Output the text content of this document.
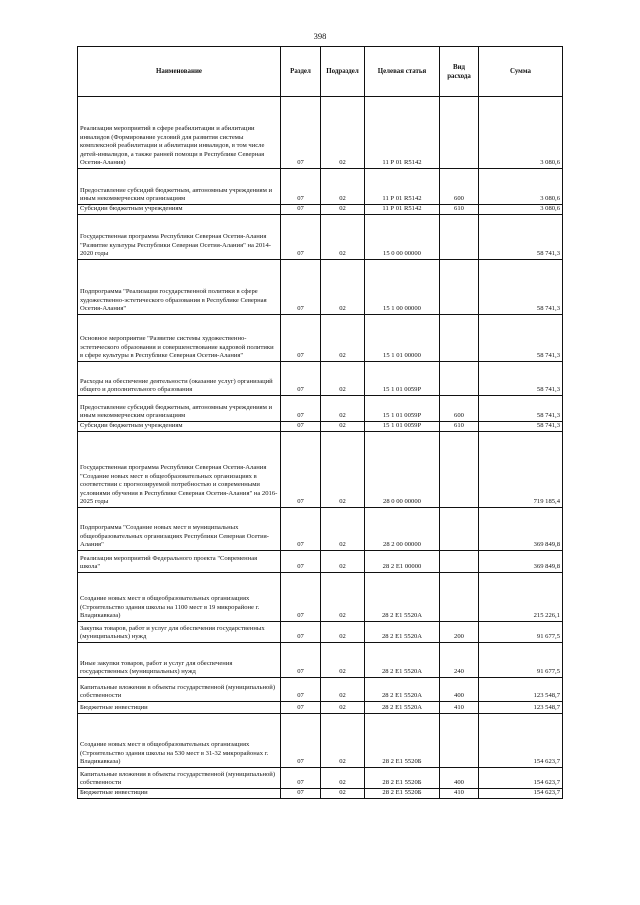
398
Наименование	Раздел	Подраздел	Целевая статья	Вид расхода	Сумма
Реализация мероприятий в сфере реабилитации и абилитации инвалидов (Формирование условий для развития системы комплексной реабилитации и абилитации инвалидов, в том числе детей-инвалидов, а также ранней помощи в Республике Северная Осетия-Алания)	07	02	11 Р 01 R5142		3 080,6
Предоставление субсидий бюджетным, автономным учреждениям и иным некоммерческим организациям	07	02	11 Р 01 R5142	600	3 080,6
Субсидии бюджетным учреждениям	07	02	11 Р 01 R5142	610	3 080,6
Государственная программа Республики Северная Осетия-Алания "Развитие культуры Республики Северная Осетия-Алания" на 2014-2020 годы	07	02	15 0 00 00000		58 741,3
Подпрограмма "Реализация государственной политики в сфере художественно-эстетического образования в Республике Северная Осетия-Алания"	07	02	15 1 00 00000		58 741,3
Основное мероприятие "Развитие системы художественно-эстетического образования и совершенствование кадровой политики в сфере культуры в Республике Северная Осетия-Алания"	07	02	15 1 01 00000		58 741,3
Расходы на обеспечение деятельности (оказание услуг) организаций общего и дополнительного образования	07	02	15 1 01 0059Р		58 741,3
Предоставление субсидий бюджетным, автономным учреждениям и иным некоммерческим организациям	07	02	15 1 01 0059Р	600	58 741,3
Субсидии бюджетным учреждениям	07	02	15 1 01 0059Р	610	58 741,3
Государственная программа Республики Северная Осетия-Алания "Создание новых мест в общеобразовательных организациях в соответствии с прогнозируемой потребностью и современными условиями обучения в Республике Северная Осетия-Алания" на 2016-2025 годы	07	02	28 0 00 00000		719 185,4
Подпрограмма "Создание новых мест в муниципальных общеобразовательных организациях Республики Северная Осетия-Алания"	07	02	28 2 00 00000		369 849,8
Реализация мероприятий Федерального проекта "Современная школа"	07	02	28 2 Е1 00000		369 849,8
Создание новых мест в общеобразовательных организациях (Строительство здания школы на 1100 мест в 19 микрорайоне г. Владикавказа)	07	02	28 2 Е1 5520А		215 226,1
Закупка товаров, работ и услуг для обеспечения государственных (муниципальных) нужд	07	02	28 2 Е1 5520А	200	91 677,5
Иные закупки товаров, работ и услуг для обеспечения государственных (муниципальных) нужд	07	02	28 2 Е1 5520А	240	91 677,5
Капитальные вложения в объекты государственной (муниципальной) собственности	07	02	28 2 Е1 5520А	400	123 548,7
Бюджетные инвестиции	07	02	28 2 Е1 5520А	410	123 548,7
Создание новых мест в общеобразовательных организациях (Строительство здания школы на 530 мест в 31-32 микрорайонах г. Владикавказа)	07	02	28 2 Е1 5520Б		154 623,7
Капитальные вложения в объекты государственной (муниципальной) собственности	07	02	28 2 Е1 5520Б	400	154 623,7
Бюджетные инвестиции	07	02	28 2 Е1 5520Б	410	154 623,7
